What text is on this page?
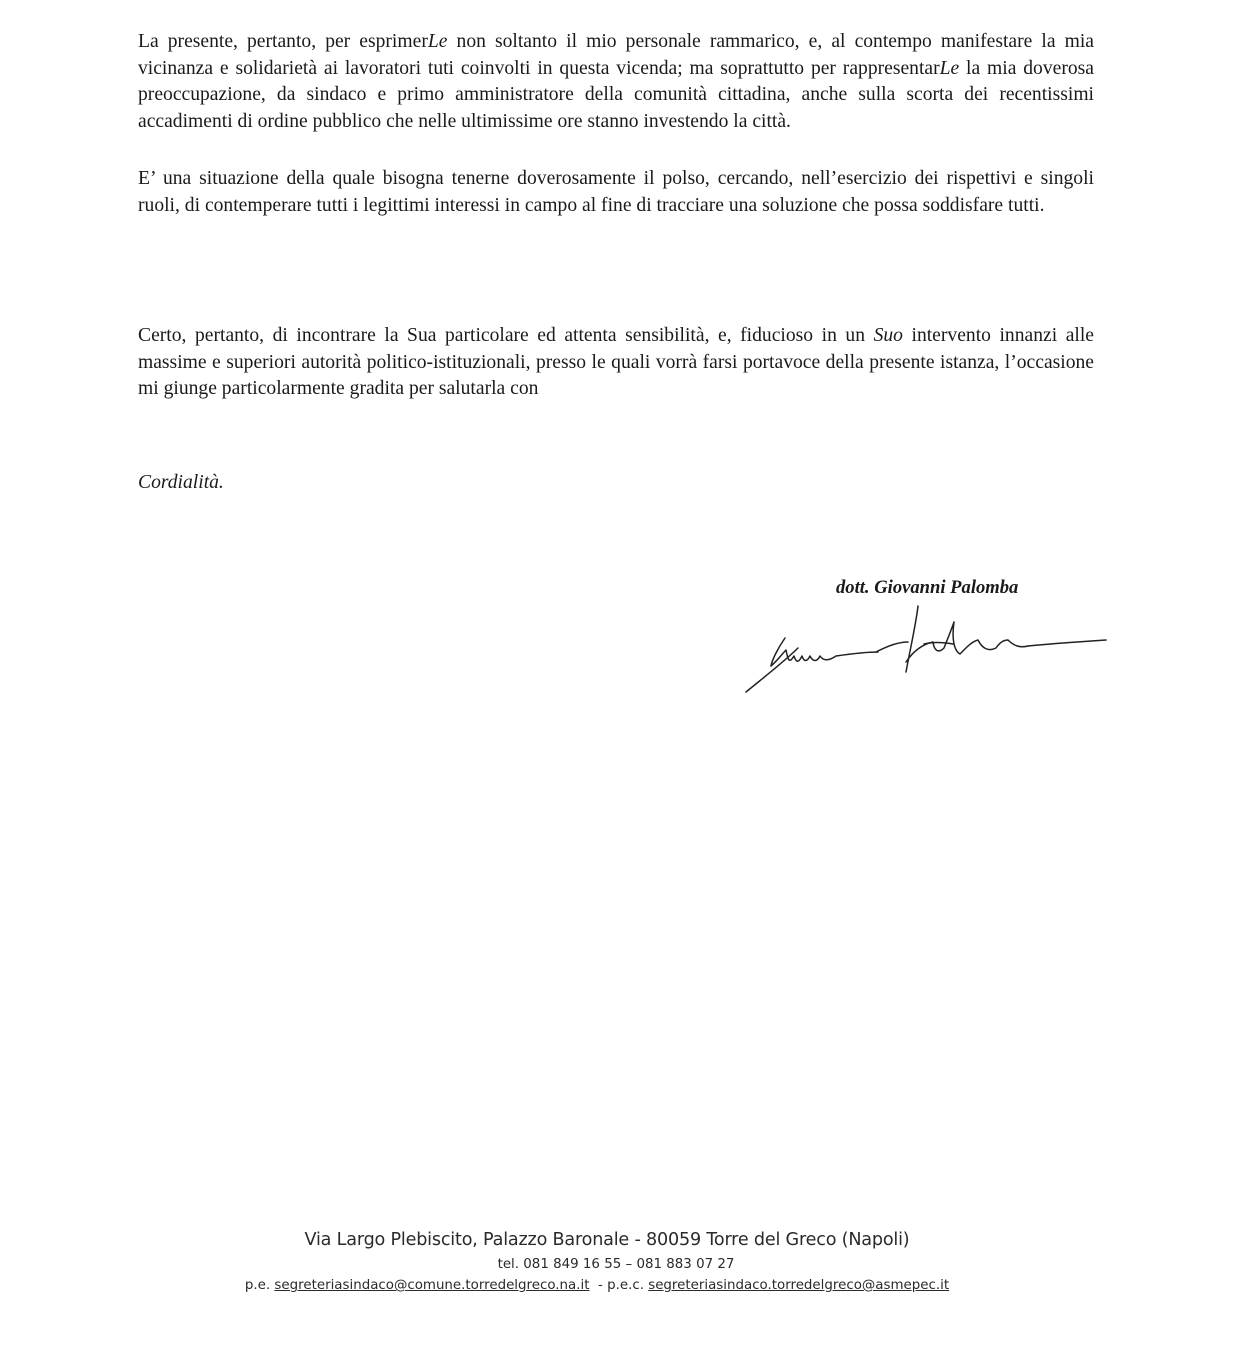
La presente, pertanto, per esprimerLe non soltanto il mio personale rammarico, e, al contempo manifestare la mia vicinanza e solidarietà ai lavoratori tuti coinvolti in questa vicenda; ma soprattutto per rappresentarLe la mia doverosa preoccupazione, da sindaco e primo amministratore della comunità cittadina, anche sulla scorta dei recentissimi accadimenti di ordine pubblico che nelle ultimissime ore stanno investendo la città.

E’ una situazione della quale bisogna tenerne doverosamente il polso, cercando, nell’esercizio dei rispettivi e singoli ruoli, di contemperare tutti i legittimi interessi in campo al fine di tracciare una soluzione che possa soddisfare tutti.

Certo, pertanto, di incontrare la Sua particolare ed attenta sensibilità, e, fiducioso in un Suo intervento innanzi alle massime e superiori autorità politico-istituzionali, presso le quali vorrà farsi portavoce della presente istanza, l’occasione mi giunge particolarmente gradita per salutarla con

Cordialità.

dott. Giovanni Palomba

Via Largo Plebiscito, Palazzo Baronale - 80059 Torre del Greco (Napoli)
tel. 081 849 16 55 – 081 883 07 27
p.e. segreteriasindaco@comune.torredelgreco.na.it  - p.e.c. segreteriasindaco.torredelgreco@asmepec.it
